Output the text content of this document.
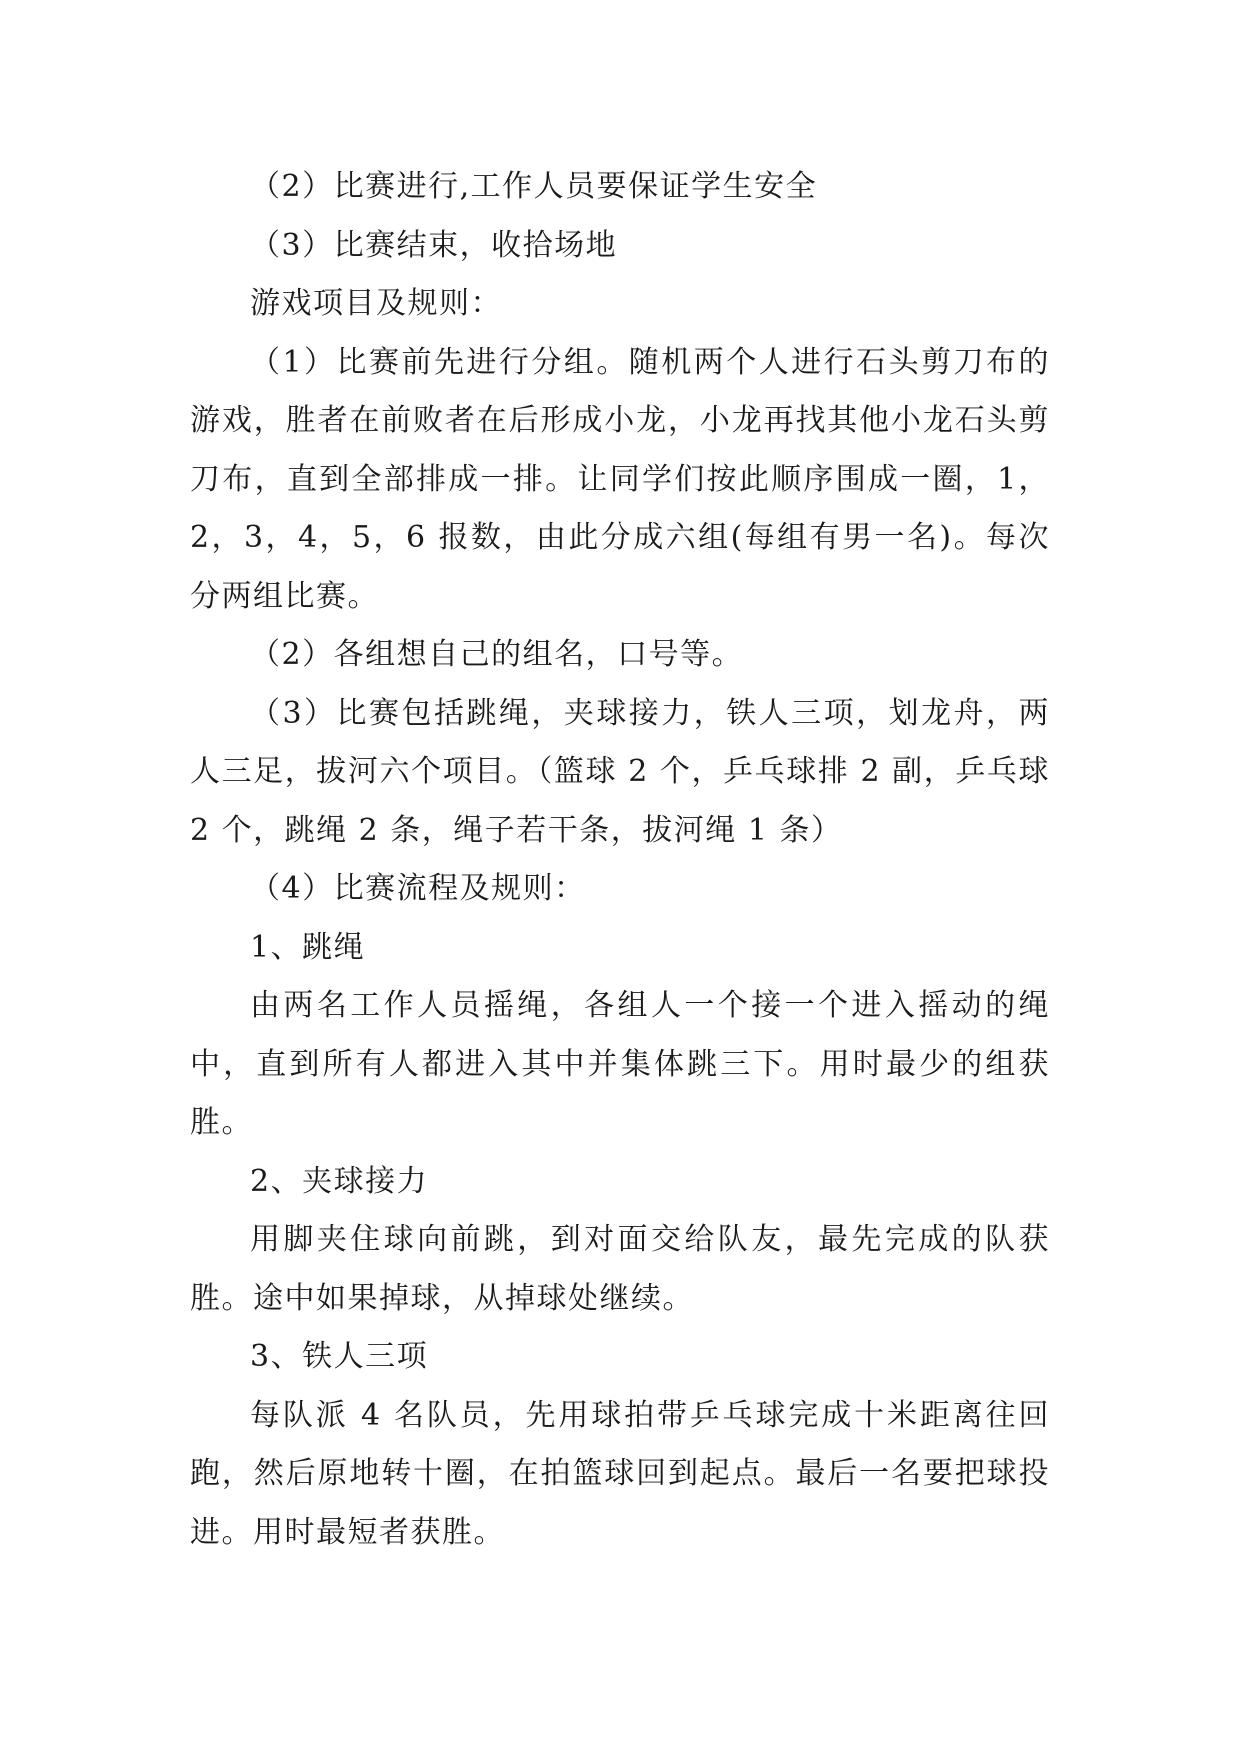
（2）比赛进行,工作人员要保证学生安全

（3）比赛结束，收拾场地

游戏项目及规则：

（1）比赛前先进行分组。随机两个人进行石头剪刀布的游戏，胜者在前败者在后形成小龙，小龙再找其他小龙石头剪刀布，直到全部排成一排。让同学们按此顺序围成一圈，1，2，3，4，5，6 报数，由此分成六组(每组有男一名)。每次分两组比赛。

（2）各组想自己的组名，口号等。

（3）比赛包括跳绳，夹球接力，铁人三项，划龙舟，两人三足，拔河六个项目。（篮球 2 个，乒乓球排 2 副，乒乓球 2 个，跳绳 2 条，绳子若干条，拔河绳 1 条）

（4）比赛流程及规则：

1、跳绳

由两名工作人员摇绳，各组人一个接一个进入摇动的绳中，直到所有人都进入其中并集体跳三下。用时最少的组获胜。

2、夹球接力

用脚夹住球向前跳，到对面交给队友，最先完成的队获胜。途中如果掉球，从掉球处继续。

3、铁人三项

每队派 4 名队员，先用球拍带乒乓球完成十米距离往回跑，然后原地转十圈，在拍篮球回到起点。最后一名要把球投进。用时最短者获胜。
